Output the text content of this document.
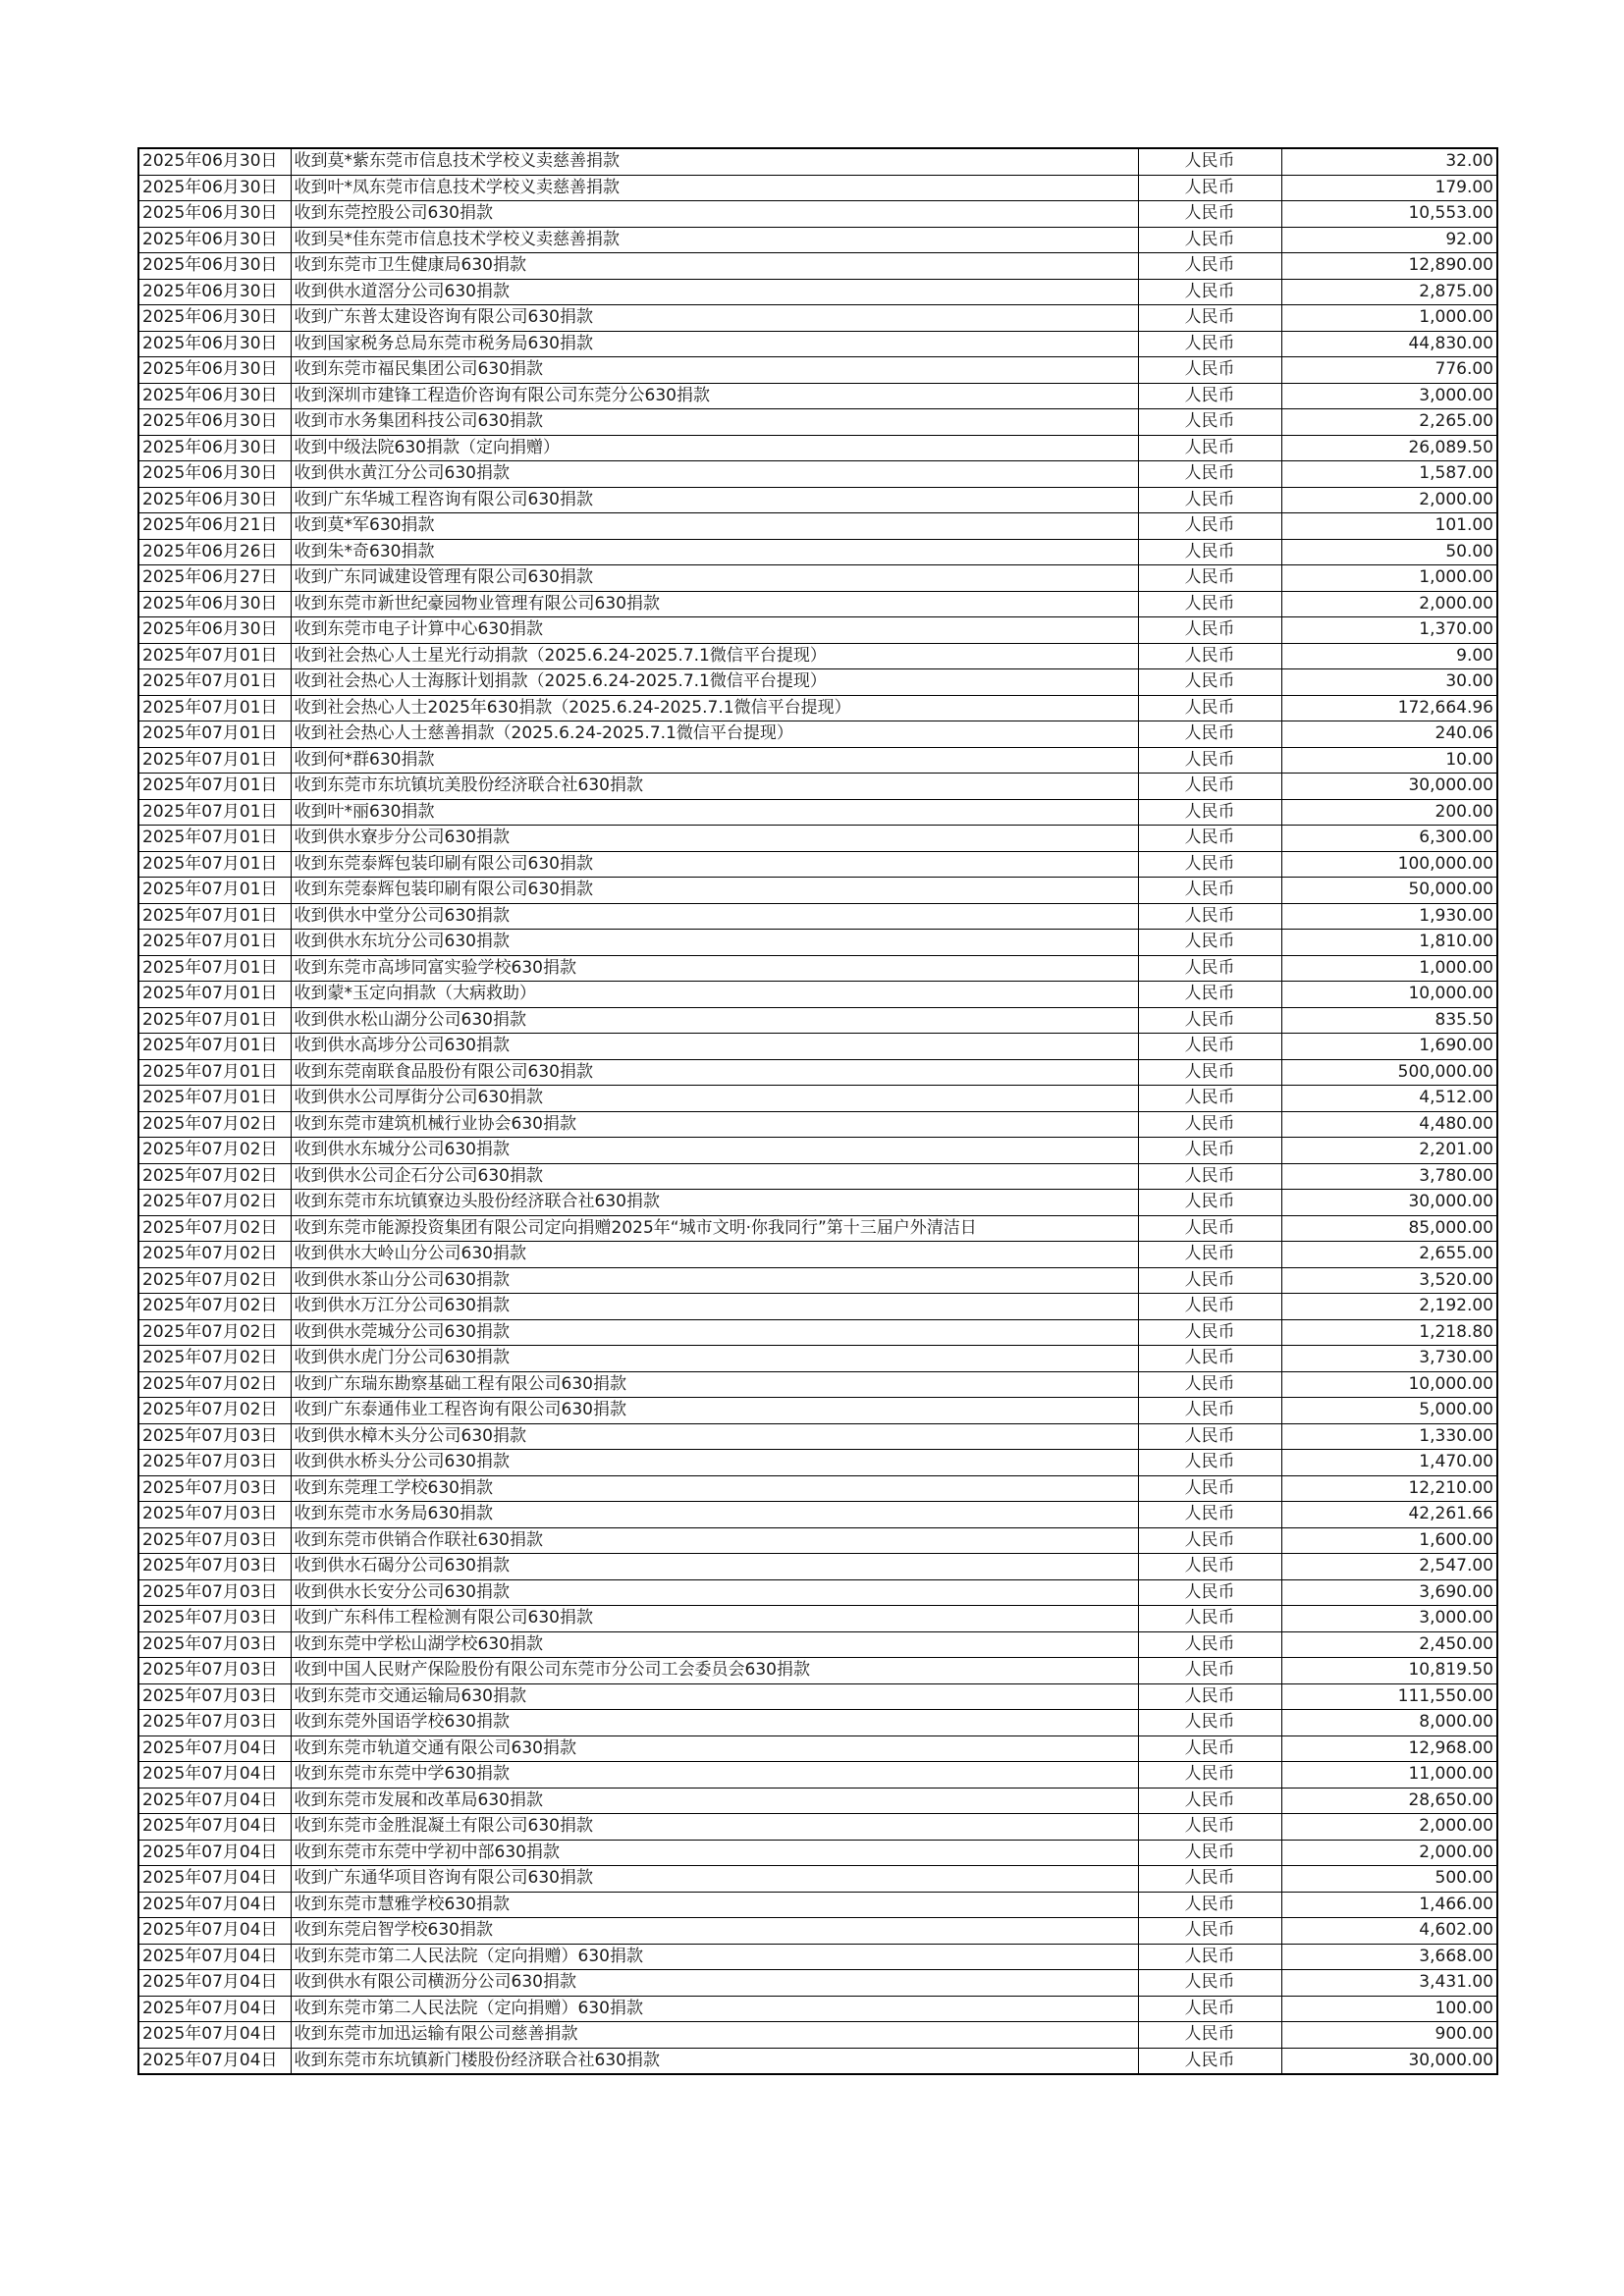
2025年06月30日	收到莫*紫东莞市信息技术学校义卖慈善捐款	人民币	32.00
2025年06月30日	收到叶*凤东莞市信息技术学校义卖慈善捐款	人民币	179.00
2025年06月30日	收到东莞控股公司630捐款	人民币	10,553.00
2025年06月30日	收到吴*佳东莞市信息技术学校义卖慈善捐款	人民币	92.00
2025年06月30日	收到东莞市卫生健康局630捐款	人民币	12,890.00
2025年06月30日	收到供水道滘分公司630捐款	人民币	2,875.00
2025年06月30日	收到广东普太建设咨询有限公司630捐款	人民币	1,000.00
2025年06月30日	收到国家税务总局东莞市税务局630捐款	人民币	44,830.00
2025年06月30日	收到东莞市福民集团公司630捐款	人民币	776.00
2025年06月30日	收到深圳市建锋工程造价咨询有限公司东莞分公630捐款	人民币	3,000.00
2025年06月30日	收到市水务集团科技公司630捐款	人民币	2,265.00
2025年06月30日	收到中级法院630捐款（定向捐赠）	人民币	26,089.50
2025年06月30日	收到供水黄江分公司630捐款	人民币	1,587.00
2025年06月30日	收到广东华城工程咨询有限公司630捐款	人民币	2,000.00
2025年06月21日	收到莫*军630捐款	人民币	101.00
2025年06月26日	收到朱*奇630捐款	人民币	50.00
2025年06月27日	收到广东同诚建设管理有限公司630捐款	人民币	1,000.00
2025年06月30日	收到东莞市新世纪豪园物业管理有限公司630捐款	人民币	2,000.00
2025年06月30日	收到东莞市电子计算中心630捐款	人民币	1,370.00
2025年07月01日	收到社会热心人士星光行动捐款（2025.6.24-2025.7.1微信平台提现）	人民币	9.00
2025年07月01日	收到社会热心人士海豚计划捐款（2025.6.24-2025.7.1微信平台提现）	人民币	30.00
2025年07月01日	收到社会热心人士2025年630捐款（2025.6.24-2025.7.1微信平台提现）	人民币	172,664.96
2025年07月01日	收到社会热心人士慈善捐款（2025.6.24-2025.7.1微信平台提现）	人民币	240.06
2025年07月01日	收到何*群630捐款	人民币	10.00
2025年07月01日	收到东莞市东坑镇坑美股份经济联合社630捐款	人民币	30,000.00
2025年07月01日	收到叶*丽630捐款	人民币	200.00
2025年07月01日	收到供水寮步分公司630捐款	人民币	6,300.00
2025年07月01日	收到东莞泰辉包装印刷有限公司630捐款	人民币	100,000.00
2025年07月01日	收到东莞泰辉包装印刷有限公司630捐款	人民币	50,000.00
2025年07月01日	收到供水中堂分公司630捐款	人民币	1,930.00
2025年07月01日	收到供水东坑分公司630捐款	人民币	1,810.00
2025年07月01日	收到东莞市高埗同富实验学校630捐款	人民币	1,000.00
2025年07月01日	收到蒙*玉定向捐款（大病救助）	人民币	10,000.00
2025年07月01日	收到供水松山湖分公司630捐款	人民币	835.50
2025年07月01日	收到供水高埗分公司630捐款	人民币	1,690.00
2025年07月01日	收到东莞南联食品股份有限公司630捐款	人民币	500,000.00
2025年07月01日	收到供水公司厚街分公司630捐款	人民币	4,512.00
2025年07月02日	收到东莞市建筑机械行业协会630捐款	人民币	4,480.00
2025年07月02日	收到供水东城分公司630捐款	人民币	2,201.00
2025年07月02日	收到供水公司企石分公司630捐款	人民币	3,780.00
2025年07月02日	收到东莞市东坑镇寮边头股份经济联合社630捐款	人民币	30,000.00
2025年07月02日	收到东莞市能源投资集团有限公司定向捐赠2025年“城市文明·你我同行”第十三届户外清洁日	人民币	85,000.00
2025年07月02日	收到供水大岭山分公司630捐款	人民币	2,655.00
2025年07月02日	收到供水茶山分公司630捐款	人民币	3,520.00
2025年07月02日	收到供水万江分公司630捐款	人民币	2,192.00
2025年07月02日	收到供水莞城分公司630捐款	人民币	1,218.80
2025年07月02日	收到供水虎门分公司630捐款	人民币	3,730.00
2025年07月02日	收到广东瑞东勘察基础工程有限公司630捐款	人民币	10,000.00
2025年07月02日	收到广东泰通伟业工程咨询有限公司630捐款	人民币	5,000.00
2025年07月03日	收到供水樟木头分公司630捐款	人民币	1,330.00
2025年07月03日	收到供水桥头分公司630捐款	人民币	1,470.00
2025年07月03日	收到东莞理工学校630捐款	人民币	12,210.00
2025年07月03日	收到东莞市水务局630捐款	人民币	42,261.66
2025年07月03日	收到东莞市供销合作联社630捐款	人民币	1,600.00
2025年07月03日	收到供水石碣分公司630捐款	人民币	2,547.00
2025年07月03日	收到供水长安分公司630捐款	人民币	3,690.00
2025年07月03日	收到广东科伟工程检测有限公司630捐款	人民币	3,000.00
2025年07月03日	收到东莞中学松山湖学校630捐款	人民币	2,450.00
2025年07月03日	收到中国人民财产保险股份有限公司东莞市分公司工会委员会630捐款	人民币	10,819.50
2025年07月03日	收到东莞市交通运输局630捐款	人民币	111,550.00
2025年07月03日	收到东莞外国语学校630捐款	人民币	8,000.00
2025年07月04日	收到东莞市轨道交通有限公司630捐款	人民币	12,968.00
2025年07月04日	收到东莞市东莞中学630捐款	人民币	11,000.00
2025年07月04日	收到东莞市发展和改革局630捐款	人民币	28,650.00
2025年07月04日	收到东莞市金胜混凝土有限公司630捐款	人民币	2,000.00
2025年07月04日	收到东莞市东莞中学初中部630捐款	人民币	2,000.00
2025年07月04日	收到广东通华项目咨询有限公司630捐款	人民币	500.00
2025年07月04日	收到东莞市慧雅学校630捐款	人民币	1,466.00
2025年07月04日	收到东莞启智学校630捐款	人民币	4,602.00
2025年07月04日	收到东莞市第二人民法院（定向捐赠）630捐款	人民币	3,668.00
2025年07月04日	收到供水有限公司横沥分公司630捐款	人民币	3,431.00
2025年07月04日	收到东莞市第二人民法院（定向捐赠）630捐款	人民币	100.00
2025年07月04日	收到东莞市加迅运输有限公司慈善捐款	人民币	900.00
2025年07月04日	收到东莞市东坑镇新门楼股份经济联合社630捐款	人民币	30,000.00
